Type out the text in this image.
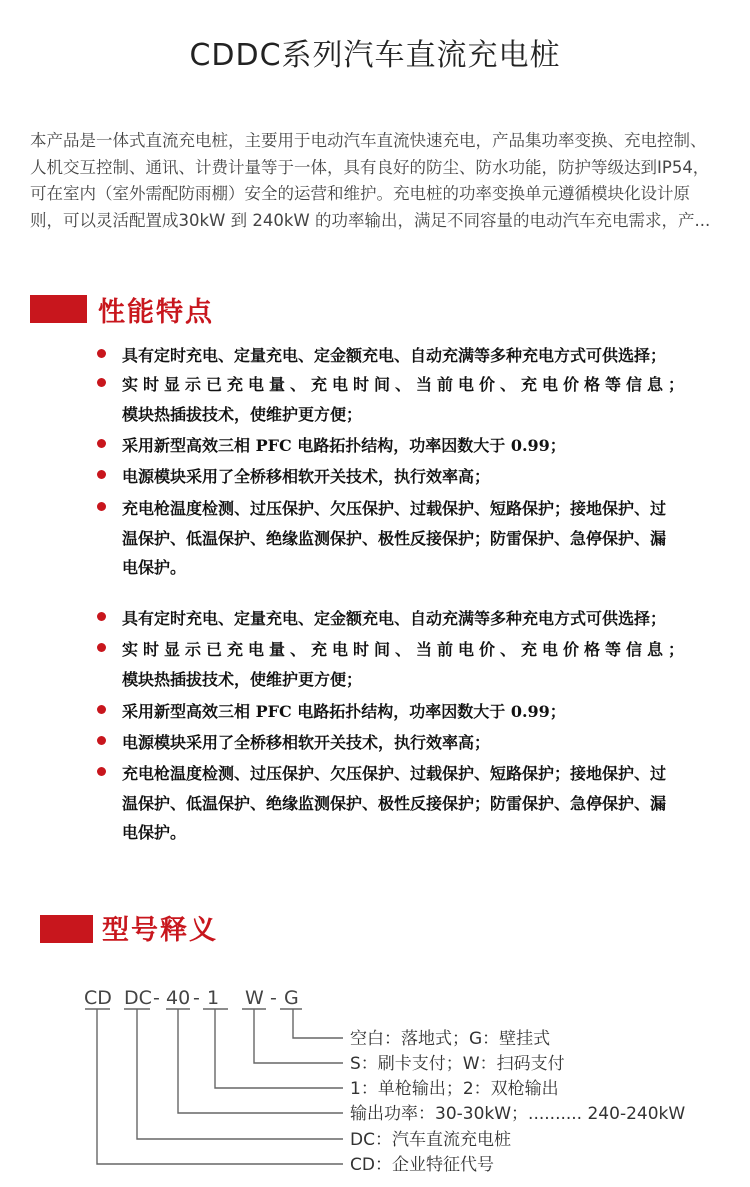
CDDC系列汽车直流充电桩
本产品是一体式直流充电桩，主要用于电动汽车直流快速充电，产品集功率变换、充电控制、
人机交互控制、通讯、计费计量等于一体，具有良好的防尘、防水功能，防护等级达到IP54，
可在室内（室外需配防雨棚）安全的运营和维护。充电桩的功率变换单元遵循模块化设计原
则，可以灵活配置成30kW 到 240kW 的功率输出，满足不同容量的电动汽车充电需求，产...
性能特点
具有定时充电、定量充电、定金额充电、自动充满等多种充电方式可供选择；
实时显示已充电量、充电时间、当前电价、充电价格等信息；
模块热插拔技术，使维护更方便；
采用新型高效三相 PFC 电路拓扑结构，功率因数大于 0.99；
电源模块采用了全桥移相软开关技术，执行效率高；
充电枪温度检测、过压保护、欠压保护、过载保护、短路保护；接地保护、过
温保护、低温保护、绝缘监测保护、极性反接保护；防雷保护、急停保护、漏
电保护。
具有定时充电、定量充电、定金额充电、自动充满等多种充电方式可供选择；
实时显示已充电量、充电时间、当前电价、充电价格等信息；
模块热插拔技术，使维护更方便；
采用新型高效三相 PFC 电路拓扑结构，功率因数大于 0.99；
电源模块采用了全桥移相软开关技术，执行效率高；
充电枪温度检测、过压保护、欠压保护、过载保护、短路保护；接地保护、过
温保护、低温保护、绝缘监测保护、极性反接保护；防雷保护、急停保护、漏
电保护。
型号释义
CD DC - 40 - 1 W - G
空白：落地式；G：壁挂式
S：刷卡支付；W：扫码支付
1：单枪输出；2：双枪输出
输出功率：30-30kW；.......... 240-240kW
DC：汽车直流充电桩
CD：企业特征代号
